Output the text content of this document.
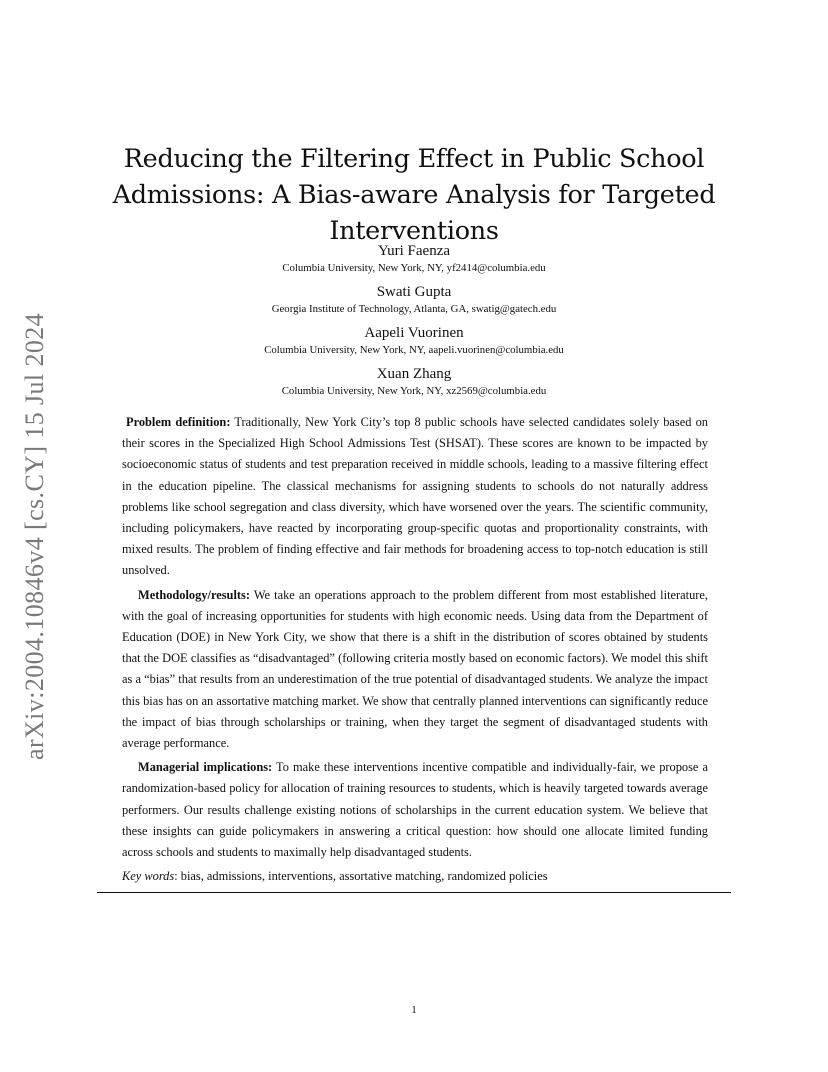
arXiv:2004.10846v4 [cs.CY] 15 Jul 2024
Reducing the Filtering Effect in Public School
Admissions: A Bias-aware Analysis for Targeted
Interventions
Yuri Faenza
Columbia University, New York, NY, yf2414@columbia.edu
Swati Gupta
Georgia Institute of Technology, Atlanta, GA, swatig@gatech.edu
Aapeli Vuorinen
Columbia University, New York, NY, aapeli.vuorinen@columbia.edu
Xuan Zhang
Columbia University, New York, NY, xz2569@columbia.edu

Problem definition: Traditionally, New York City’s top 8 public schools have selected candidates solely based on their scores in the Specialized High School Admissions Test (SHSAT). These scores are known to be impacted by socioeconomic status of students and test preparation received in middle schools, leading to a massive filtering effect in the education pipeline. The classical mechanisms for assigning students to schools do not naturally address problems like school segregation and class diversity, which have worsened over the years. The scientific community, including policymakers, have reacted by incorporating group-specific quotas and proportionality constraints, with mixed results. The problem of finding effective and fair methods for broadening access to top-notch education is still unsolved.

Methodology/results: We take an operations approach to the problem different from most established literature, with the goal of increasing opportunities for students with high economic needs. Using data from the Department of Education (DOE) in New York City, we show that there is a shift in the distribution of scores obtained by students that the DOE classifies as “disadvantaged” (following criteria mostly based on economic factors). We model this shift as a “bias” that results from an underestimation of the true potential of disadvantaged students. We analyze the impact this bias has on an assortative matching market. We show that centrally planned interventions can significantly reduce the impact of bias through scholarships or training, when they target the segment of disadvantaged students with average performance.

Managerial implications: To make these interventions incentive compatible and individually-fair, we propose a randomization-based policy for allocation of training resources to students, which is heavily targeted towards average performers. Our results challenge existing notions of scholarships in the current education system. We believe that these insights can guide policymakers in answering a critical question: how should one allocate limited funding across schools and students to maximally help disadvantaged students.

Key words: bias, admissions, interventions, assortative matching, randomized policies
1
